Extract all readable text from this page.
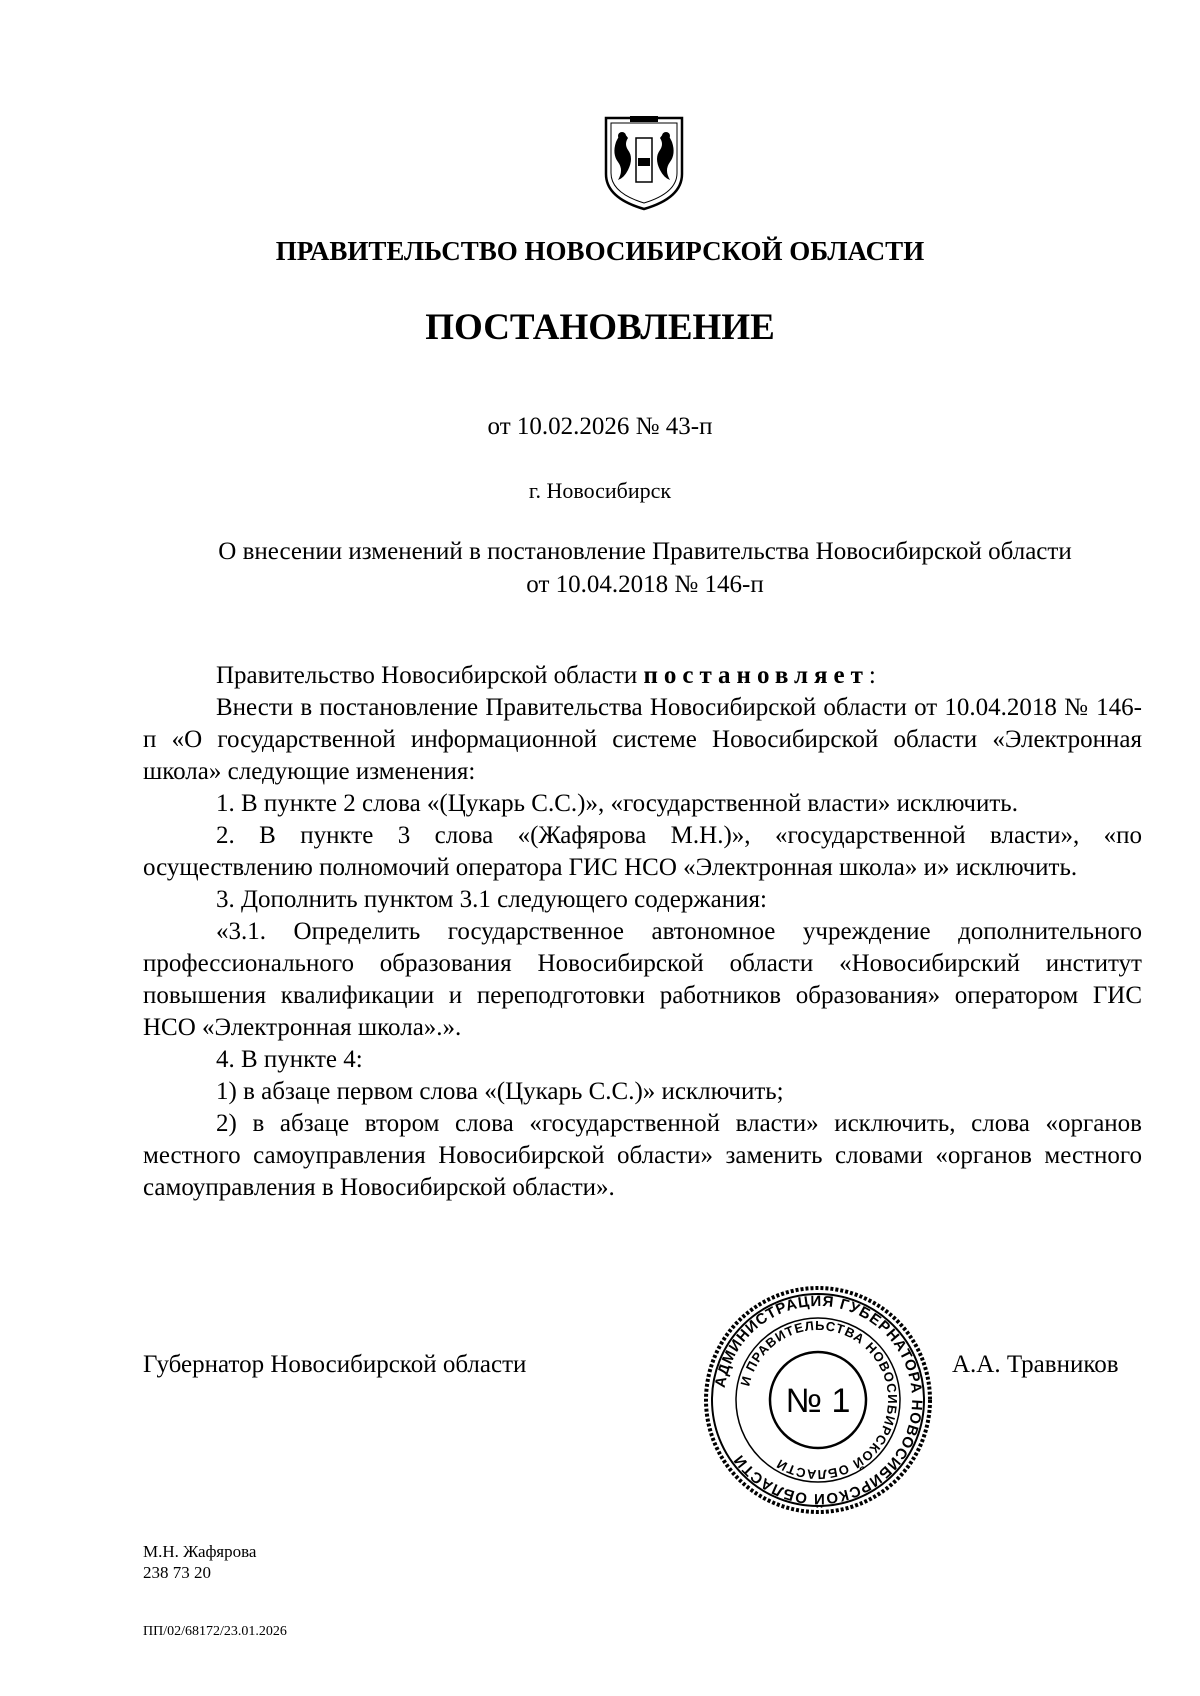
ПРАВИТЕЛЬСТВО НОВОСИБИРСКОЙ ОБЛАСТИ
ПОСТАНОВЛЕНИЕ
от 10.02.2026 № 43-п
г. Новосибирск
О внесении изменений в постановление Правительства Новосибирской области
от 10.04.2018 № 146-п
Правительство Новосибирской области постановляет:
Внести в постановление Правительства Новосибирской области от 10.04.2018 № 146-п «О государственной информационной системе Новосибирской области «Электронная школа» следующие изменения:
1. В пункте 2 слова «(Цукарь С.С.)», «государственной власти» исключить.
2. В пункте 3 слова «(Жафярова М.Н.)», «государственной власти», «по осуществлению полномочий оператора ГИС НСО «Электронная школа» и» исключить.
3. Дополнить пунктом 3.1 следующего содержания:
«3.1. Определить государственное автономное учреждение дополнительного профессионального образования Новосибирской области «Новосибирский институт повышения квалификации и переподготовки работников образования» оператором ГИС НСО «Электронная школа».».
4. В пункте 4:
1) в абзаце первом слова «(Цукарь С.С.)» исключить;
2) в абзаце втором слова «государственной власти» исключить, слова «органов местного самоуправления Новосибирской области» заменить словами «органов местного самоуправления в Новосибирской области».
Губернатор Новосибирской области	А.А. Травников
АДМИНИСТРАЦИЯ ГУБЕРНАТОРА НОВОСИБИРСКОЙ ОБЛАСТИ
И ПРАВИТЕЛЬСТВА НОВОСИБИРСКОЙ ОБЛАСТИ
№ 1
М.Н. Жафярова
238 73 20
ПП/02/68172/23.01.2026
